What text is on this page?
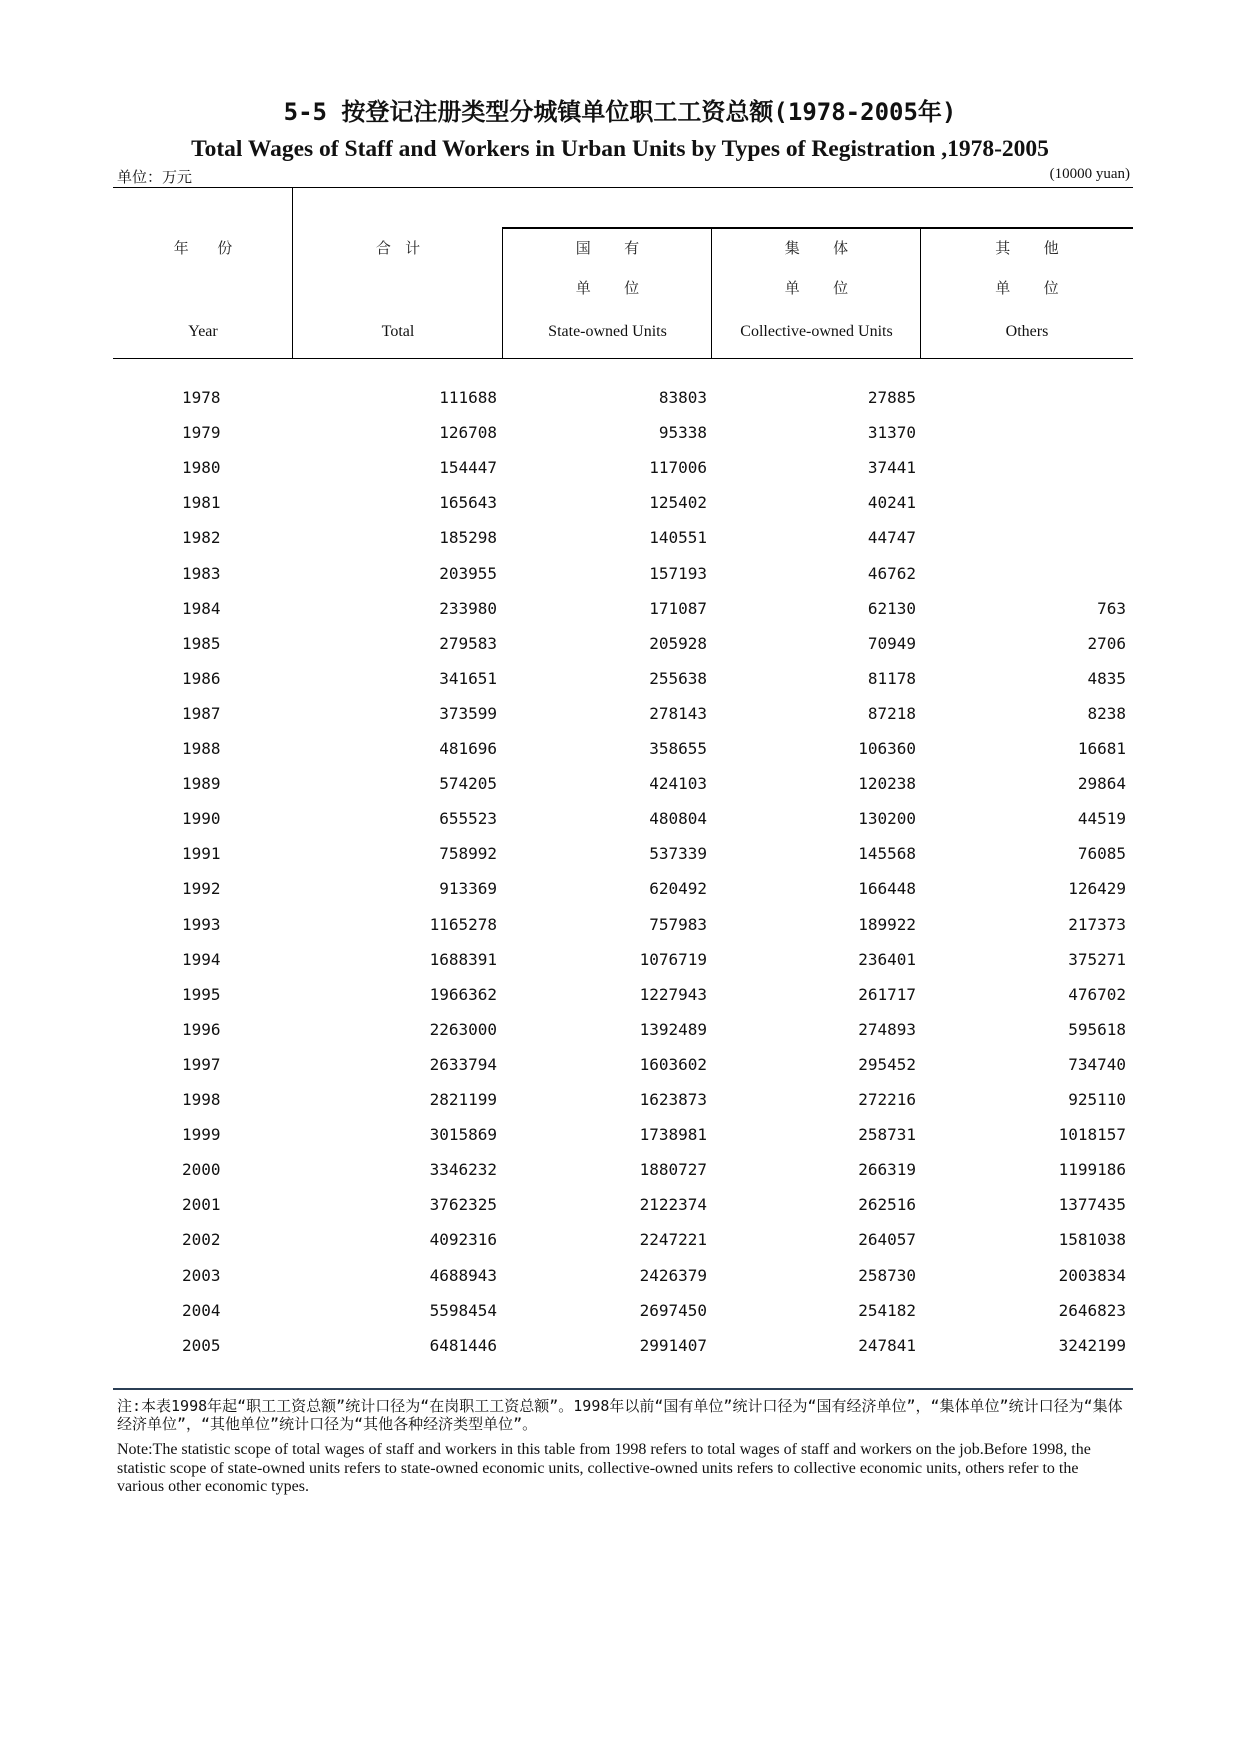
5-5 按登记注册类型分城镇单位职工工资总额(1978-2005年)
Total Wages of Staff and Workers in Urban Units by Types of Registration ,1978-2005
单位：万元	(10000 yuan)
年      份
Year
合   计
Total
国       有
单       位
State-owned Units
集       体
单       位
Collective-owned Units
其       他
单       位
Others
1978	111688	83803	27885
1979	126708	95338	31370
1980	154447	117006	37441
1981	165643	125402	40241
1982	185298	140551	44747
1983	203955	157193	46762
1984	233980	171087	62130	763
1985	279583	205928	70949	2706
1986	341651	255638	81178	4835
1987	373599	278143	87218	8238
1988	481696	358655	106360	16681
1989	574205	424103	120238	29864
1990	655523	480804	130200	44519
1991	758992	537339	145568	76085
1992	913369	620492	166448	126429
1993	1165278	757983	189922	217373
1994	1688391	1076719	236401	375271
1995	1966362	1227943	261717	476702
1996	2263000	1392489	274893	595618
1997	2633794	1603602	295452	734740
1998	2821199	1623873	272216	925110
1999	3015869	1738981	258731	1018157
2000	3346232	1880727	266319	1199186
2001	3762325	2122374	262516	1377435
2002	4092316	2247221	264057	1581038
2003	4688943	2426379	258730	2003834
2004	5598454	2697450	254182	2646823
2005	6481446	2991407	247841	3242199
注:本表1998年起“职工工资总额”统计口径为“在岗职工工资总额”。1998年以前“国有单位”统计口径为“国有经济单位”，“集体单位”统计口径为“集体经济单位”，“其他单位”统计口径为“其他各种经济类型单位”。
Note:The statistic scope of total wages of staff and workers in this table from 1998 refers to total wages of staff and workers on the job.Before 1998, the statistic scope of state-owned units refers to state-owned economic units, collective-owned units refers to collective economic units, others refer to the various other economic types.
